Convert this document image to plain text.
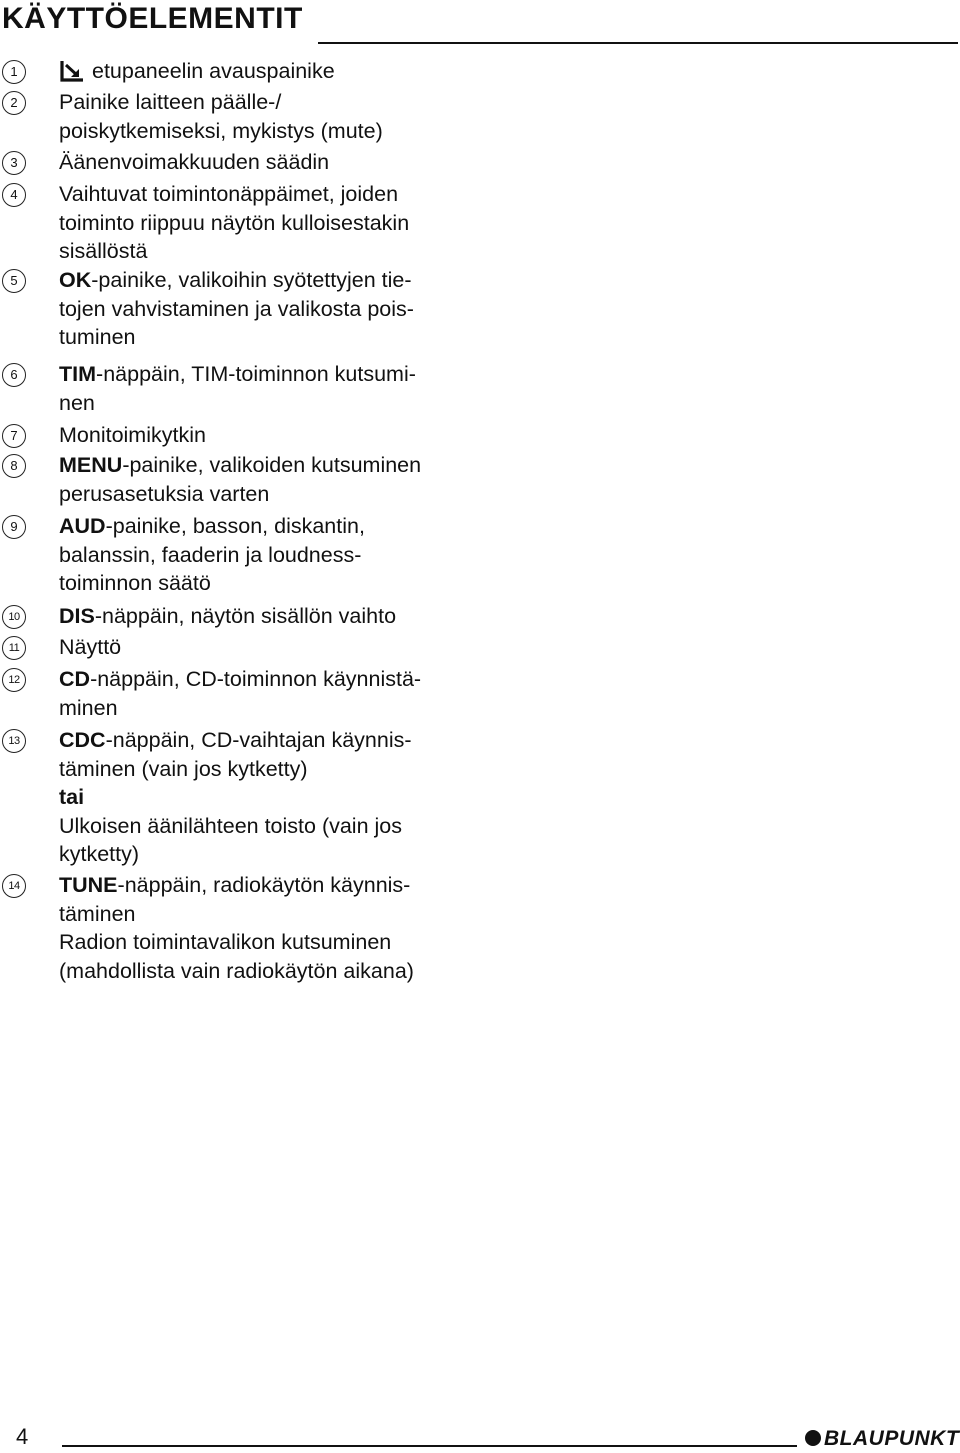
KÄYTTÖELEMENTIT
1	etupaneelin avauspainike
2	Painike laitteen päälle-/
poiskytkemiseksi, mykistys (mute)
3	Äänenvoimakkuuden säädin
4	Vaihtuvat toimintonäppäimet, joiden
toiminto riippuu näytön kulloisestakin
sisällöstä
5	OK-painike, valikoihin syötettyjen tie-
tojen vahvistaminen ja valikosta pois-
tuminen
6	TIM-näppäin, TIM-toiminnon kutsumi-
nen
7	Monitoimikytkin
8	MENU-painike, valikoiden kutsuminen
perusasetuksia varten
9	AUD-painike, basson, diskantin,
balanssin, faaderin ja loudness-
toiminnon säätö
10 DIS-näppäin, näytön sisällön vaihto
11	Näyttö
12 CD-näppäin, CD-toiminnon käynnistä-
minen
13 CDC-näppäin, CD-vaihtajan käynnis-
täminen (vain jos kytketty)
tai
Ulkoisen äänilähteen toisto (vain jos
kytketty)
14 TUNE-näppäin, radiokäytön käynnis-
täminen
Radion toimintavalikon kutsuminen
(mahdollista vain radiokäytön aikana)
4	BLAUPUNKT
